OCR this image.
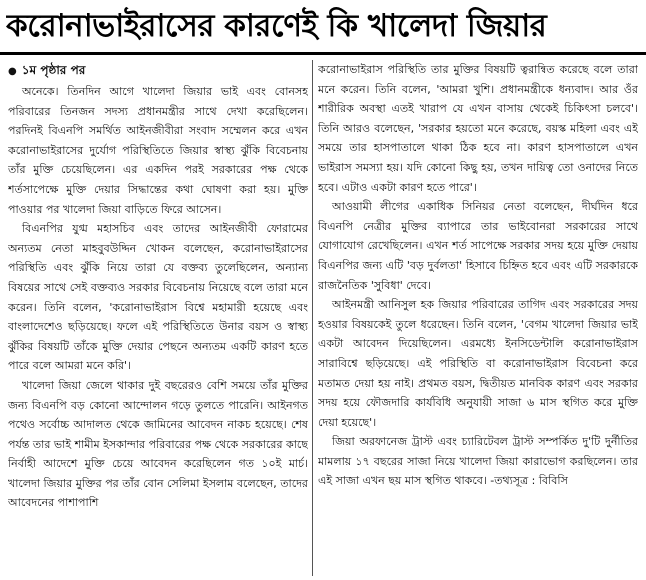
করোনাভাইরাসের কারণেই কি খালেদা জিয়ার

● ১ম পৃষ্ঠার পর

অনেকে। তিনদিন আগে খালেদা জিয়ার ভাই এবং বোনসহ পরিবারের তিনজন সদস্য প্রধানমন্ত্রীর সাথে দেখা করেছিলেন। পরদিনই বিএনপি সমর্থিত আইনজীবীরা সংবাদ সম্মেলন করে এখন করোনাভাইরাসের দুর্যোগ পরিস্থিতিতে জিয়ার স্বাস্থ্য ঝুঁকি বিবেচনায় তাঁর মুক্তি চেয়েছিলেন। এর একদিন পরই সরকারের পক্ষ থেকে শর্তসাপেক্ষে মুক্তি দেয়ার সিদ্ধান্তের কথা ঘোষণা করা হয়। মুক্তি পাওয়ার পর খালেদা জিয়া বাড়িতে ফিরে আসেন।

বিএনপির যুগ্ম মহাসচিব এবং তাদের আইনজীবী ফোরামের অন্যতম নেতা মাহবুবউদ্দিন খোকন বলেছেন, করোনাভাইরাসের পরিস্থিতি এবং ঝুঁকি নিয়ে তারা যে বক্তব্য তুলেছিলেন, অন্যান্য বিষয়ের সাথে সেই বক্তব্যও সরকার বিবেচনায় নিয়েছে বলে তারা মনে করেন। তিনি বলেন, 'করোনাভাইরাস বিশ্বে মহামারী হয়েছে এবং বাংলাদেশেও ছড়িয়েছে। ফলে এই পরিস্থিতিতে উনার বয়স ও স্বাস্থ্য ঝুঁকির বিষয়টি তাঁকে মুক্তি দেয়ার পেছনে অন্যতম একটি কারণ হতে পারে বলে আমরা মনে করি'।

খালেদা জিয়া জেলে থাকার দুই বছরেরও বেশি সময়ে তাঁর মুক্তির জন্য বিএনপি বড় কোনো আন্দোলন গড়ে তুলতে পারেনি। আইনগত পথেও সর্বোচ্চ আদালত থেকে জামিনের আবেদন নাকচ হয়েছে। শেষ পর্যন্ত তার ভাই শামীম ইসকান্দার পরিবারের পক্ষ থেকে সরকারের কাছে নির্বাহী আদেশে মুক্তি চেয়ে আবেদন করেছিলেন গত ১০ই মার্চ। খালেদা জিয়ার মুক্তির পর তাঁর বোন সেলিমা ইসলাম বলেছেন, তাদের আবেদনের পাশাপাশি

করোনাভাইরাস পরিস্থিতি তার মুক্তির বিষয়টি ত্বরান্বিত করেছে বলে তারা মনে করেন। তিনি বলেন, 'আমরা খুশি। প্রধানমন্ত্রীকে ধন্যবাদ। আর ওঁর শারীরিক অবস্থা এতই খারাপ যে এখন বাসায় থেকেই চিকিৎসা চলবে'। তিনি আরও বলেছেন, 'সরকার হয়তো মনে করেছে, বয়স্ক মহিলা এবং এই সময়ে তার হাসপাতালে থাকা ঠিক হবে না। কারণ হাসপাতালে এখন ভাইরাস সমস্যা হয়। যদি কোনো কিছু হয়, তখন দায়িত্ব তো ওনাদের নিতে হবে। এটাও একটা কারণ হতে পারে'।

আওয়ামী লীগের একাধিক সিনিয়র নেতা বলেছেন, দীর্ঘদিন ধরে বিএনপি নেত্রীর মুক্তির ব্যাপারে তার ভাইবোনরা সরকারের সাথে যোগাযোগ রেখেছিলেন। এখন শর্ত সাপেক্ষে সরকার সদয় হয়ে মুক্তি দেয়ায় বিএনপির জন্য এটি 'বড় দুর্বলতা' হিসাবে চিহ্নিত হবে এবং এটি সরকারকে রাজনৈতিক 'সুবিধা' দেবে।

আইনমন্ত্রী আনিসুল হক জিয়ার পরিবারের তাগিদ এবং সরকারের সদয় হওয়ার বিষয়কেই তুলে ধরেছেন। তিনি বলেন, 'বেগম খালেদা জিয়ার ভাই একটা আবেদন দিয়েছিলেন। এরমধ্যে ইনসিডেন্টালি করোনাভাইরাস সারাবিশ্বে ছড়িয়েছে। এই পরিস্থিতি বা করোনাভাইরাস বিবেচনা করে মতামত দেয়া হয় নাই। প্রথমত বয়স, দ্বিতীয়ত মানবিক কারণ এবং সরকার সদয় হয়ে ফৌজদারি কার্যবিধি অনুযায়ী সাজা ৬ মাস স্থগিত করে মুক্তি দেয়া হয়েছে'।

জিয়া অরফানেজ ট্রাস্ট এবং চ্যারিটেবল ট্রাস্ট সম্পর্কিত দু'টি দুর্নীতির মামলায় ১৭ বছরের সাজা নিয়ে খালেদা জিয়া কারাভোগ করছিলেন। তার এই সাজা এখন ছয় মাস স্থগিত থাকবে। -তথ্যসূত্র : বিবিসি
